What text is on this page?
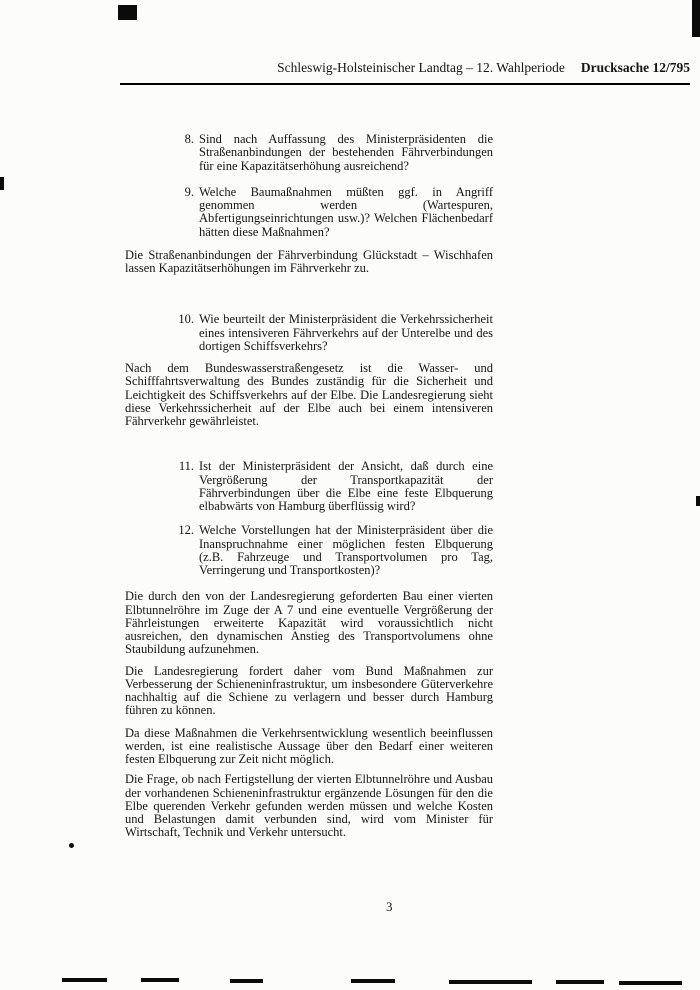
Schleswig-Holsteinischer Landtag – 12. Wahlperiode Drucksache 12/795
8. Sind nach Auffassung des Ministerpräsidenten die Straßenanbindungen der bestehenden Fährverbindungen für eine Kapazitätserhöhung ausreichend?
9. Welche Baumaßnahmen müßten ggf. in Angriff genommen werden (Wartespuren, Abfertigungseinrichtungen usw.)? Welchen Flächenbedarf hätten diese Maßnahmen?

Die Straßenanbindungen der Fährverbindung Glückstadt – Wischhafen lassen Kapazitätserhöhungen im Fährverkehr zu.

10. Wie beurteilt der Ministerpräsident die Verkehrssicherheit eines intensiveren Fährverkehrs auf der Unterelbe und des dortigen Schiffsverkehrs?

Nach dem Bundeswasserstraßengesetz ist die Wasser- und Schifffahrtsverwaltung des Bundes zuständig für die Sicherheit und Leichtigkeit des Schiffsverkehrs auf der Elbe. Die Landesregierung sieht diese Verkehrssicherheit auf der Elbe auch bei einem intensiveren Fährverkehr gewährleistet.

11. Ist der Ministerpräsident der Ansicht, daß durch eine Vergrößerung der Transportkapazität der Fährverbindungen über die Elbe eine feste Elbquerung elbabwärts von Hamburg überflüssig wird?
12. Welche Vorstellungen hat der Ministerpräsident über die Inanspruchnahme einer möglichen festen Elbquerung (z.B. Fahrzeuge und Transportvolumen pro Tag, Verringerung und Transportkosten)?

Die durch den von der Landesregierung geforderten Bau einer vierten Elbtunnelröhre im Zuge der A 7 und eine eventuelle Vergrößerung der Fährleistungen erweiterte Kapazität wird voraussichtlich nicht ausreichen, den dynamischen Anstieg des Transportvolumens ohne Staubildung aufzunehmen.

Die Landesregierung fordert daher vom Bund Maßnahmen zur Verbesserung der Schieneninfrastruktur, um insbesondere Güterverkehre nachhaltig auf die Schiene zu verlagern und besser durch Hamburg führen zu können.

Da diese Maßnahmen die Verkehrsentwicklung wesentlich beeinflussen werden, ist eine realistische Aussage über den Bedarf einer weiteren festen Elbquerung zur Zeit nicht möglich.

Die Frage, ob nach Fertigstellung der vierten Elbtunnelröhre und Ausbau der vorhandenen Schieneninfrastruktur ergänzende Lösungen für den die Elbe querenden Verkehr gefunden werden müssen und welche Kosten und Belastungen damit verbunden sind, wird vom Minister für Wirtschaft, Technik und Verkehr untersucht.

3
